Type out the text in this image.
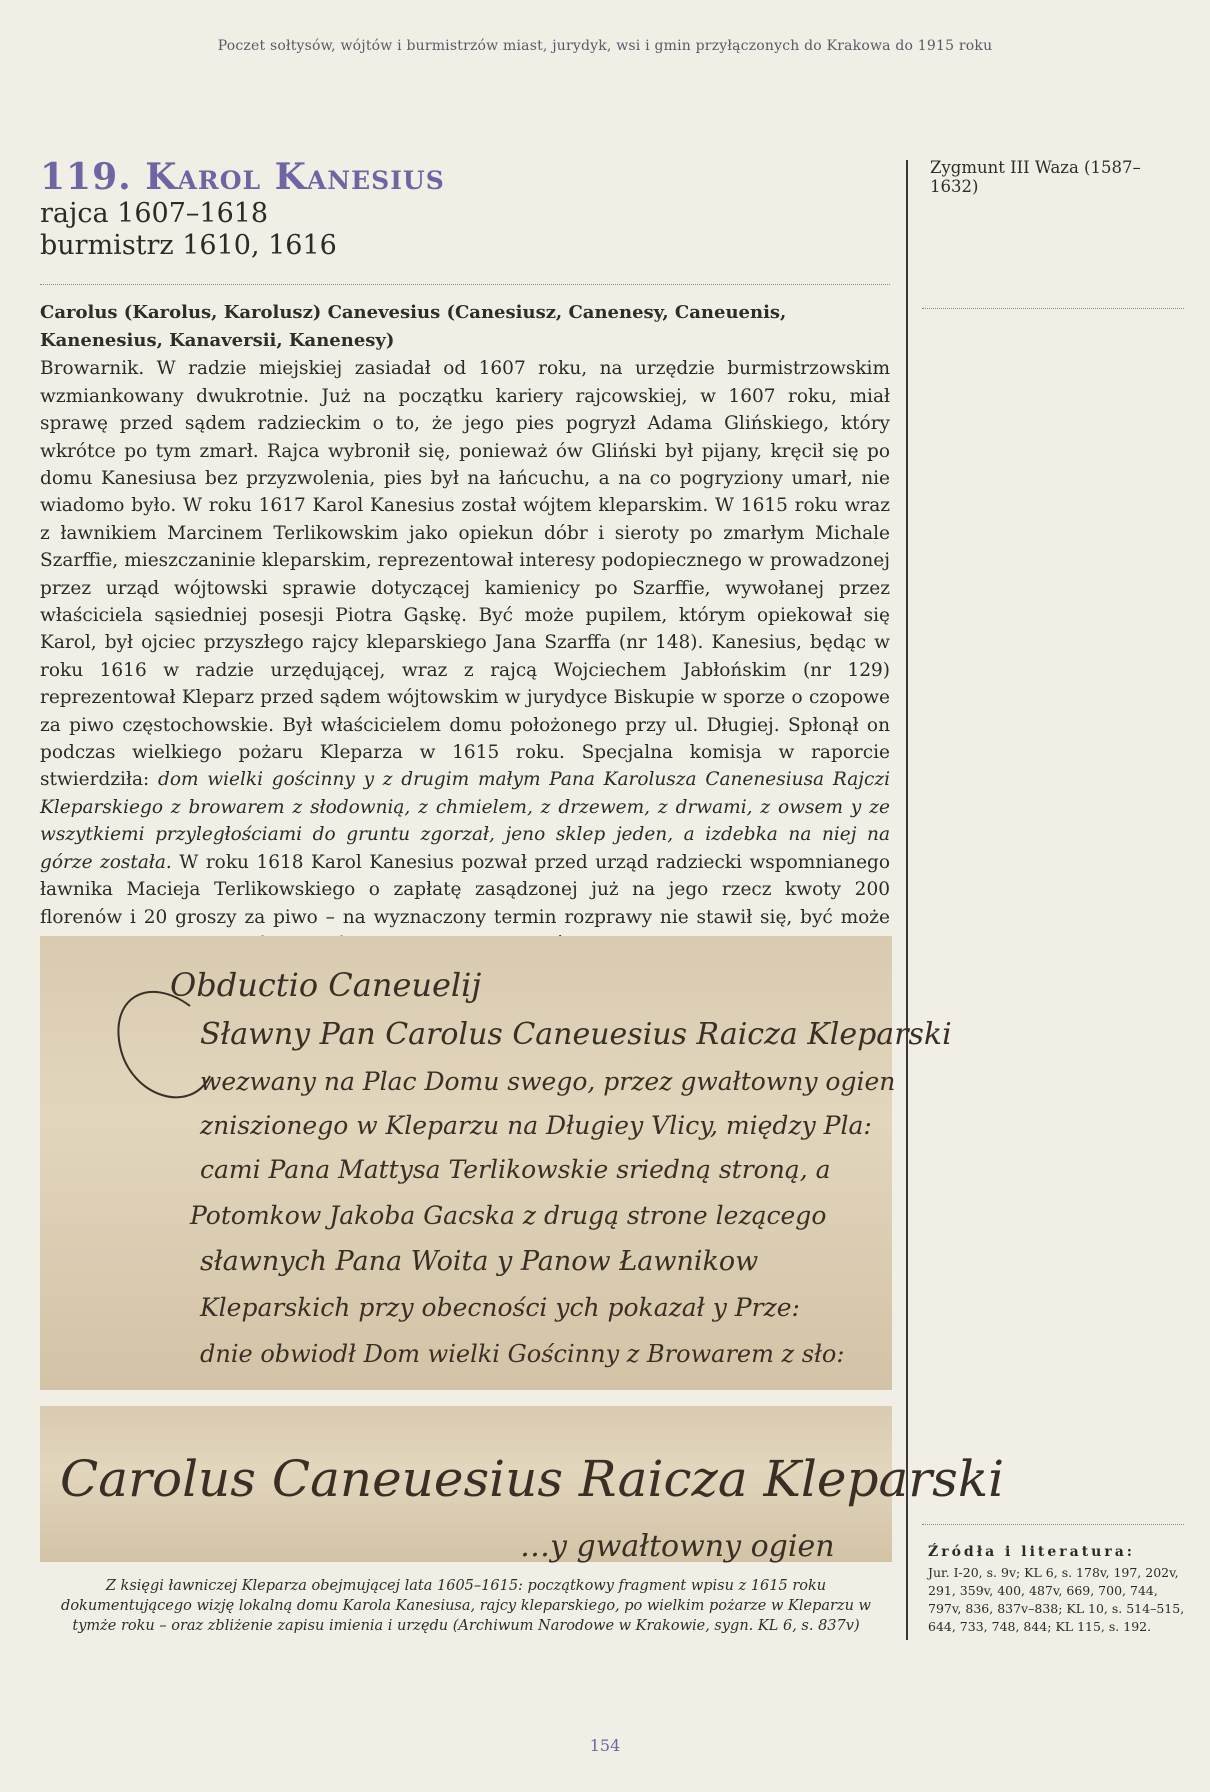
Poczet sołtysów, wójtów i burmistrzów miast, jurydyk, wsi i gmin przyłączonych do Krakowa do 1915 roku
119. Karol Kanesius

rajca 1607–1618

burmistrz 1610, 1616

Carolus (Karolus, Karolusz) Canevesius (Canesiusz, Canenesy, Caneuenis, Kanenesius, Kanaversii, Kanenesy)

Browarnik. W radzie miejskiej zasiadał od 1607 roku, na urzędzie burmistrzowskim wzmiankowany dwukrotnie. Już na początku kariery rajcowskiej, w 1607 roku, miał sprawę przed sądem radzieckim o to, że jego pies pogryzł Adama Glińskiego, który wkrótce po tym zmarł. Rajca wybronił się, ponieważ ów Gliński był pijany, kręcił się po domu Kanesiusa bez przyzwolenia, pies był na łańcuchu, a na co pogryziony umarł, nie wiadomo było. W roku 1617 Karol Kanesius został wójtem kleparskim. W 1615 roku wraz z ławnikiem Marcinem Terlikowskim jako opiekun dóbr i sieroty po zmarłym Michale Szarffie, mieszczaninie kleparskim, reprezentował interesy podopiecznego w prowadzonej przez urząd wójtowski sprawie dotyczącej kamienicy po Szarffie, wywołanej przez właściciela sąsiedniej posesji Piotra Gąskę. Być może pupilem, którym opiekował się Karol, był ojciec przyszłego rajcy kleparskiego Jana Szarffa (nr 148). Kanesius, będąc w roku 1616 w radzie urzędującej, wraz z rajcą Wojciechem Jabłońskim (nr 129) reprezentował Kleparz przed sądem wójtowskim w jurydyce Biskupie w sporze o czopowe za piwo częstochowskie. Był właścicielem domu położonego przy ul. Długiej. Spłonął on podczas wielkiego pożaru Kleparza w 1615 roku. Specjalna komisja w raporcie stwierdziła: dom wielki gościnny y z drugim małym Pana Karolusza Canenesiusa Rajczi Kleparskiego z browarem z słodownią, z chmielem, z drzewem, z drwami, z owsem y ze wszytkiemi przyległościami do gruntu zgorzał, jeno sklep jeden, a izdebka na niej na górze została. W roku 1618 Karol Kanesius pozwał przed urząd radziecki wspomnianego ławnika Macieja Terlikowskiego o zapłatę zasądzonej już na jego rzecz kwoty 200 florenów i 20 groszy za piwo – na wyznaczony termin rozprawy nie stawił się, być może

Zygmunt III Waza (1587–1632)

Źródła i literatura:

Jur. I-20, s. 9v; KL 6, s. 178v, 197, 202v, 291, 359v, 400, 487v, 669, 700, 744, 797v, 836, 837v–838; KL 10, s. 514–515, 644, 733, 748, 844; KL 115, s. 192.

Obductio Caneuelij
Sławny Pan Carolus Caneuesius Raicza Kleparski
wezwany na Plac Domu swego, przez gwałtowny ogien
zniszionego w Kleparzu na Długiey Vlicy, między Pla:
cami Pana Mattysa Terlikowskie sriedną stroną, a
Potomkow Jakoba Gacska z drugą strone lezącego
sławnych Pana Woita y Panow Ławnikow
Kleparskich przy obecności ych pokazał y Prze:
dnie obwiodł Dom wielki Gościnny z Browarem z sło:
Carolus Caneuesius Raicza Kleparski
…y gwałtowny ogien

Z księgi ławniczej Kleparza obejmującej lata 1605–1615: początkowy fragment wpisu z 1615 roku dokumentującego wizję lokalną domu Karola Kanesiusa, rajcy kleparskiego, po wielkim pożarze w Kleparzu w tymże roku – oraz zbliżenie zapisu imienia i urzędu (Archiwum Narodowe w Krakowie, sygn. KL 6, s. 837v)

154
